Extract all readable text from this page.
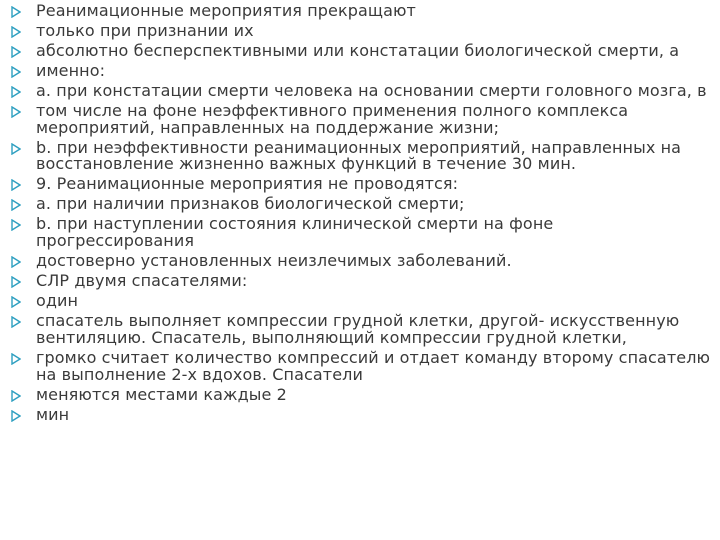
Реанимационные мероприятия прекращают
только при признании их
абсолютно бесперспективными или констатации биологической смерти, а
именно:
a. при констатации смерти человека на основании смерти головного мозга, в
том числе на фоне неэффективного применения полного комплекса мероприятий, направленных на поддержание жизни;
b. при неэффективности реанимационных мероприятий, направленных на восстановление жизненно важных функций в течение 30 мин.
9. Реанимационные мероприятия не проводятся:
a. при наличии признаков биологической смерти;
b. при наступлении состояния клинической смерти на фоне прогрессирования
достоверно установленных неизлечимых заболеваний.
СЛР двумя спасателями:
один
спасатель выполняет компрессии грудной клетки, другой- искусственную вентиляцию. Спасатель, выполняющий компрессии грудной клетки,
громко считает количество компрессий и отдает команду второму спасателю на выполнение 2-х вдохов. Спасатели
меняются местами каждые 2
мин
